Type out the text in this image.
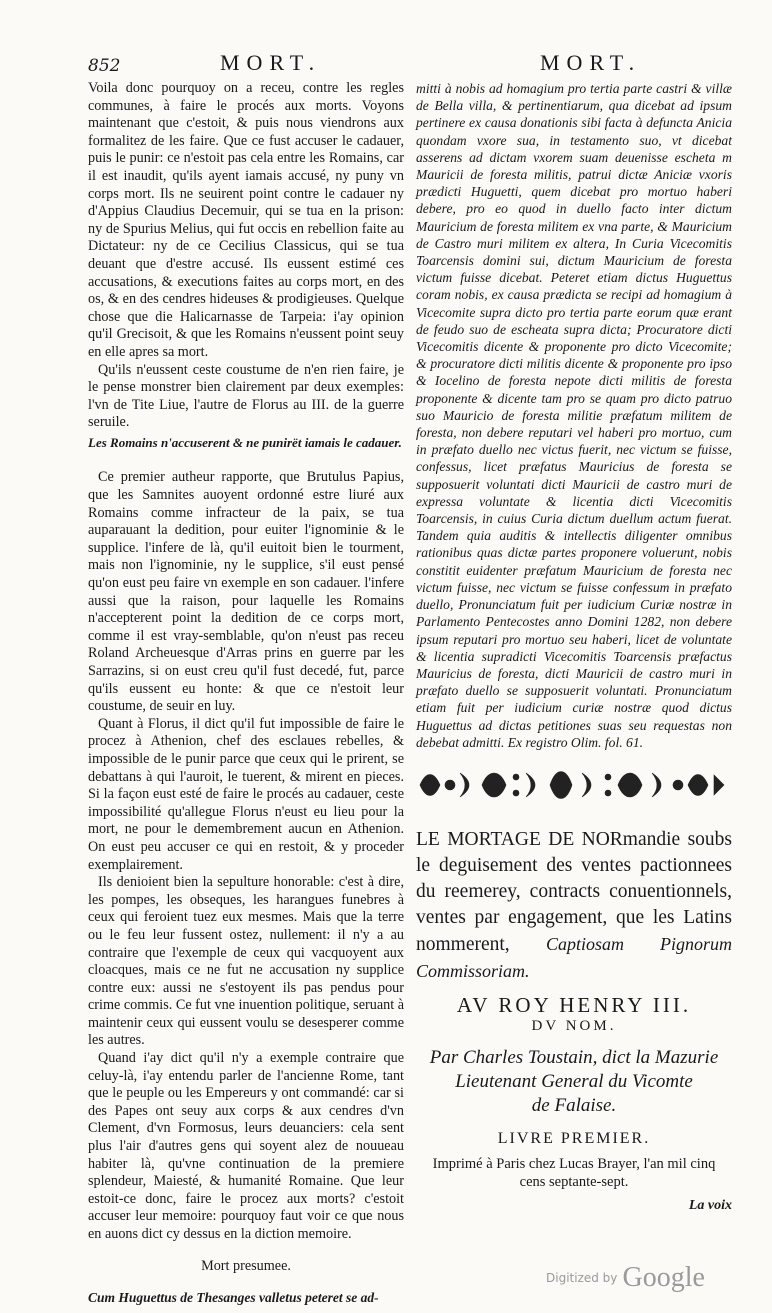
852	MORT.	MORT.

Voila donc pourquoy on a receu, contre les regles communes, à faire le procés aux morts. Voyons maintenant que c'estoit, & puis nous viendrons aux formalitez de les faire. Que ce fust accuser le cadauer, puis le punir: ce n'estoit pas cela entre les Romains, car il est inaudit, qu'ils ayent iamais accusé, ny puny vn corps mort. Ils ne seuirent point contre le cadauer ny d'Appius Claudius Decemuir, qui se tua en la prison: ny de Spurius Melius, qui fut occis en rebellion faite au Dictateur: ny de ce Cecilius Classicus, qui se tua deuant que d'estre accusé. Ils eussent estimé ces accusations, & executions faites au corps mort, en des os, & en des cendres hideuses & prodigieuses. Quelque chose que die Halicarnasse de Tarpeia: i'ay opinion qu'il Grecisoit, & que les Romains n'eussent point seuy en elle apres sa mort.

Qu'ils n'eussent ceste coustume de n'en rien faire, je le pense monstrer bien clairement par deux exemples: l'vn de Tite Liue, l'autre de Florus au III. de la guerre seruile.

Les Romains n'accuserent & ne punirët iamais le cadauer.

Ce premier autheur rapporte, que Brutulus Papius, que les Samnites auoyent ordonné estre liuré aux Romains comme infracteur de la paix, se tua auparauant la dedition, pour euiter l'ignominie & le supplice. l'infere de là, qu'il euitoit bien le tourment, mais non l'ignominie, ny le supplice, s'il eust pensé qu'on eust peu faire vn exemple en son cadauer. l'infere aussi que la raison, pour laquelle les Romains n'accepterent point la dedition de ce corps mort, comme il est vray-semblable, qu'on n'eust pas receu Roland Archeuesque d'Arras prins en guerre par les Sarrazins, si on eust creu qu'il fust decedé, fut, parce qu'ils eussent eu honte: & que ce n'estoit leur coustume, de seuir en luy.

Quant à Florus, il dict qu'il fut impossible de faire le procez à Athenion, chef des esclaues rebelles, & impossible de le punir parce que ceux qui le prirent, se debattans à qui l'auroit, le tuerent, & mirent en pieces. Si la façon eust esté de faire le procés au cadauer, ceste impossibilité qu'allegue Florus n'eust eu lieu pour la mort, ne pour le demembrement aucun en Athenion. On eust peu accuser ce qui en restoit, & y proceder exemplairement.

Ils denioient bien la sepulture honorable: c'est à dire, les pompes, les obseques, les harangues funebres à ceux qui feroient tuez eux mesmes. Mais que la terre ou le feu leur fussent ostez, nullement: il n'y a au contraire que l'exemple de ceux qui vacquoyent aux cloacques, mais ce ne fut ne accusation ny supplice contre eux: aussi ne s'estoyent ils pas pendus pour crime commis. Ce fut vne inuention politique, seruant à maintenir ceux qui eussent voulu se desesperer comme les autres.

Quand i'ay dict qu'il n'y a exemple contraire que celuy-là, i'ay entendu parler de l'ancienne Rome, tant que le peuple ou les Empereurs y ont commandé: car si des Papes ont seuy aux corps & aux cendres d'vn Clement, d'vn Formosus, leurs deuanciers: cela sent plus l'air d'autres gens qui soyent alez de nouueau habiter là, qu'vne continuation de la premiere splendeur, Maiesté, & humanité Romaine. Que leur estoit-ce donc, faire le procez aux morts? c'estoit accuser leur memoire: pourquoy faut voir ce que nous en auons dict cy dessus en la diction memoire.

Mort presumee.

Cum Huguettus de Thesanges valletus peteret se ad-

mitti à nobis ad homagium pro tertia parte castri & villæ de Bella villa, & pertinentiarum, qua dicebat ad ipsum pertinere ex causa donationis sibi facta à defuncta Anicia quondam vxore sua, in testamento suo, vt dicebat asserens ad dictam vxorem suam deuenisse escheta m Mauricii de foresta militis, patrui dictæ Aniciæ vxoris prædicti Huguetti, quem dicebat pro mortuo haberi debere, pro eo quod in duello facto inter dictum Mauricium de foresta militem ex vna parte, & Mauricium de Castro muri militem ex altera, In Curia Vicecomitis Toarcensis domini sui, dictum Mauricium de foresta victum fuisse dicebat. Peteret etiam dictus Huguettus coram nobis, ex causa prædicta se recipi ad homagium à Vicecomite supra dicto pro tertia parte eorum quæ erant de feudo suo de escheata supra dicta; Procuratore dicti Vicecomitis dicente & proponente pro dicto Vicecomite; & procuratore dicti militis dicente & proponente pro ipso & Iocelino de foresta nepote dicti militis de foresta proponente & dicente tam pro se quam pro dicto patruo suo Mauricio de foresta militie præfatum militem de foresta, non debere reputari vel haberi pro mortuo, cum in præfato duello nec victus fuerit, nec victum se fuisse, confessus, licet præfatus Mauricius de foresta se supposuerit voluntati dicti Mauricii de castro muri de expressa voluntate & licentia dicti Vicecomitis Toarcensis, in cuius Curia dictum duellum actum fuerat. Tandem quia auditis & intellectis diligenter omnibus rationibus quas dictæ partes proponere voluerunt, nobis constitit euidenter præfatum Mauricium de foresta nec victum fuisse, nec victum se fuisse confessum in præfato duello, Pronunciatum fuit per iudicium Curiæ nostræ in Parlamento Pentecostes anno Domini 1282, non debere ipsum reputari pro mortuo seu haberi, licet de voluntate & licentia supradicti Vicecomitis Toarcensis præfactus Mauricius de foresta, dicti Mauricii de castro muri in præfato duello se supposuerit voluntati. Pronunciatum etiam fuit per iudicium curiæ nostræ quod dictus Huguettus ad dictas petitiones suas seu requestas non debebat admitti. Ex registro Olim. fol. 61.

LE MORTAGE DE NORmandie soubs le deguisement des ventes pactionnees du reemerey, contracts conuentionnels, ventes par engagement, que les Latins nommerent, Captiosam Pignorum Commissoriam.
AV ROY HENRY III.
DV NOM.
Par Charles Toustain, dict la Mazurie
Lieutenant General du Vicomte
de Falaise.
LIVRE PREMIER.
Imprimé à Paris chez Lucas Brayer, l'an mil cinq
cens septante-sept.
La voix
$^{Digitized by}$ Google
